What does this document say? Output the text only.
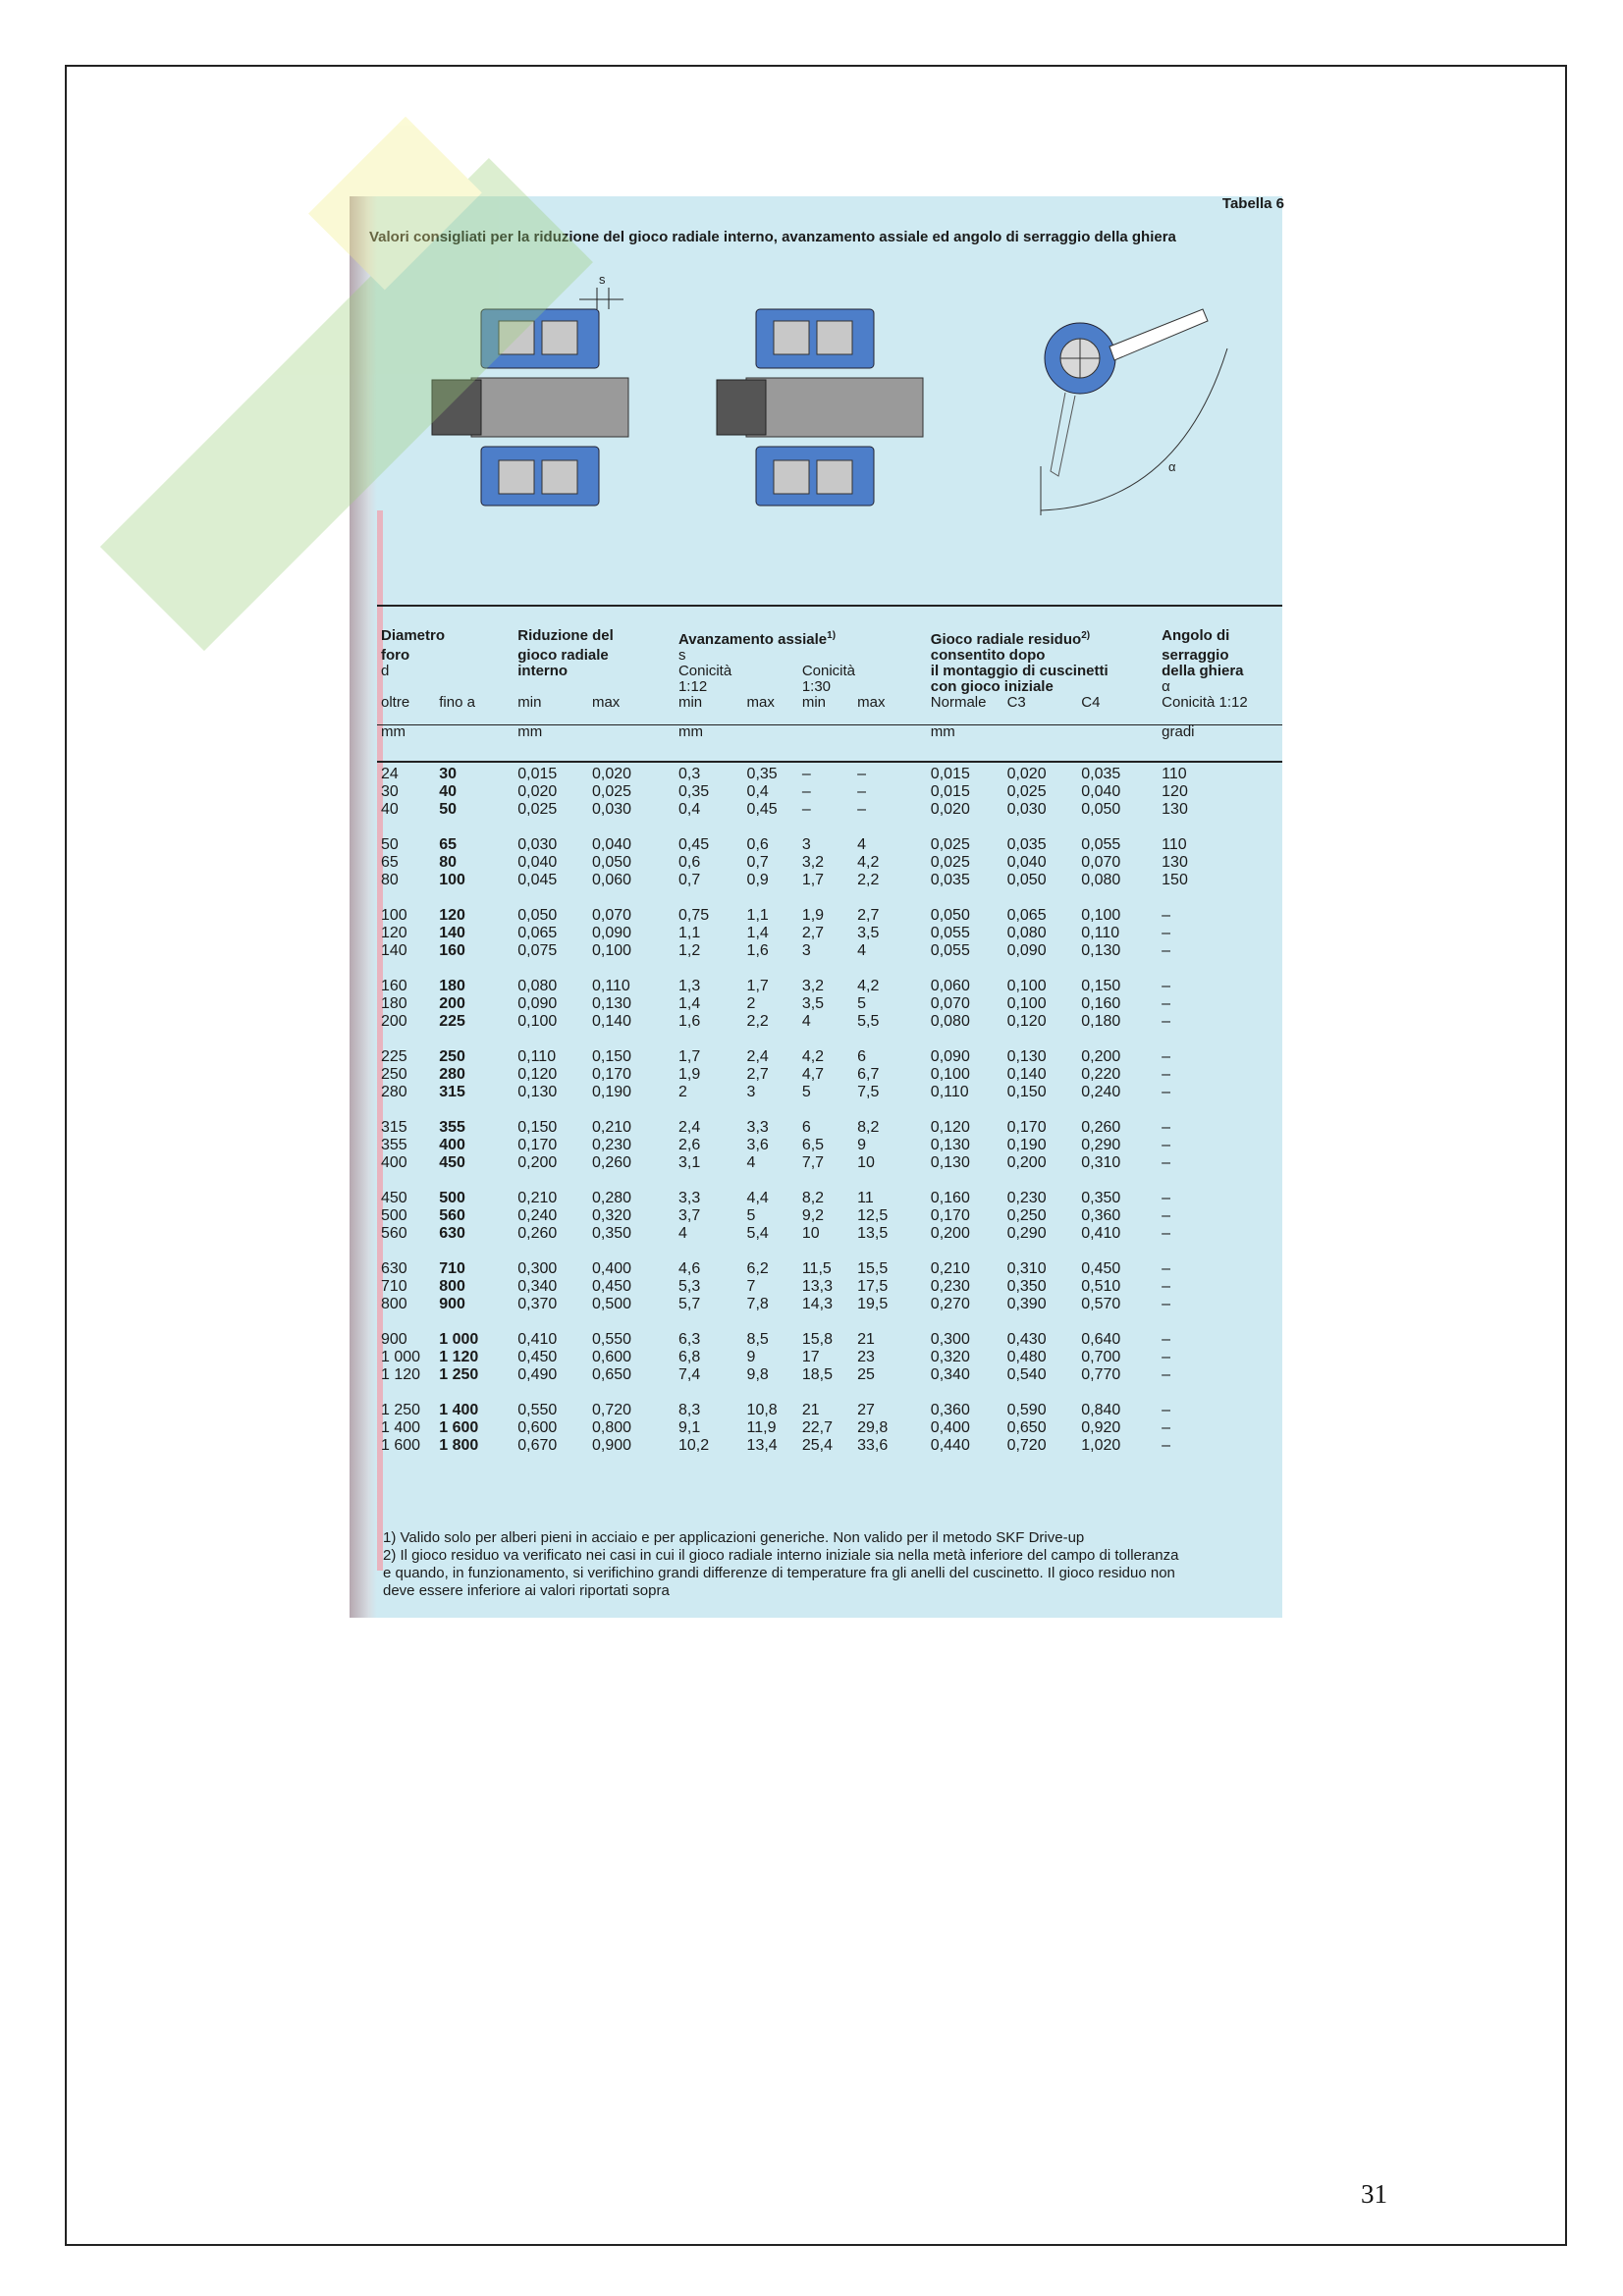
Tabella 6
Valori consigliati per la riduzione del gioco radiale interno, avanzamento assiale ed angolo di serraggio della ghiera
s
α
Diametro		Riduzione del		Avanzamento assiale$^{1)}$				Gioco radiale residuo$^{2)}$			Angolo di
foro		gioco radiale		s				consentito dopo			serraggio
d		interno		Conicità		Conicità		il montaggio di cuscinetti			della ghiera
				1:12		1:30		con gioco iniziale			α
oltre	fino a	min	max	min	max	min	max	Normale	C3	C4	Conicità 1:12
mm		mm		mm				mm			gradi

24	30	0,015	0,020	0,3	0,35	–	–	0,015	0,020	0,035	110
30	40	0,020	0,025	0,35	0,4	–	–	0,015	0,025	0,040	120
40	50	0,025	0,030	0,4	0,45	–	–	0,020	0,030	0,050	130

50	65	0,030	0,040	0,45	0,6	3	4	0,025	0,035	0,055	110
65	80	0,040	0,050	0,6	0,7	3,2	4,2	0,025	0,040	0,070	130
80	100	0,045	0,060	0,7	0,9	1,7	2,2	0,035	0,050	0,080	150

100	120	0,050	0,070	0,75	1,1	1,9	2,7	0,050	0,065	0,100	–
120	140	0,065	0,090	1,1	1,4	2,7	3,5	0,055	0,080	0,110	–
140	160	0,075	0,100	1,2	1,6	3	4	0,055	0,090	0,130	–

160	180	0,080	0,110	1,3	1,7	3,2	4,2	0,060	0,100	0,150	–
180	200	0,090	0,130	1,4	2	3,5	5	0,070	0,100	0,160	–
200	225	0,100	0,140	1,6	2,2	4	5,5	0,080	0,120	0,180	–

225	250	0,110	0,150	1,7	2,4	4,2	6	0,090	0,130	0,200	–
250	280	0,120	0,170	1,9	2,7	4,7	6,7	0,100	0,140	0,220	–
280	315	0,130	0,190	2	3	5	7,5	0,110	0,150	0,240	–

315	355	0,150	0,210	2,4	3,3	6	8,2	0,120	0,170	0,260	–
355	400	0,170	0,230	2,6	3,6	6,5	9	0,130	0,190	0,290	–
400	450	0,200	0,260	3,1	4	7,7	10	0,130	0,200	0,310	–

450	500	0,210	0,280	3,3	4,4	8,2	11	0,160	0,230	0,350	–
500	560	0,240	0,320	3,7	5	9,2	12,5	0,170	0,250	0,360	–
560	630	0,260	0,350	4	5,4	10	13,5	0,200	0,290	0,410	–

630	710	0,300	0,400	4,6	6,2	11,5	15,5	0,210	0,310	0,450	–
710	800	0,340	0,450	5,3	7	13,3	17,5	0,230	0,350	0,510	–
800	900	0,370	0,500	5,7	7,8	14,3	19,5	0,270	0,390	0,570	–

900	1 000	0,410	0,550	6,3	8,5	15,8	21	0,300	0,430	0,640	–
1 000	1 120	0,450	0,600	6,8	9	17	23	0,320	0,480	0,700	–
1 120	1 250	0,490	0,650	7,4	9,8	18,5	25	0,340	0,540	0,770	–

1 250	1 400	0,550	0,720	8,3	10,8	21	27	0,360	0,590	0,840	–
1 400	1 600	0,600	0,800	9,1	11,9	22,7	29,8	0,400	0,650	0,920	–
1 600	1 800	0,670	0,900	10,2	13,4	25,4	33,6	0,440	0,720	1,020	–
1) Valido solo per alberi pieni in acciaio e per applicazioni generiche. Non valido per il metodo SKF Drive-up
2) Il gioco residuo va verificato nei casi in cui il gioco radiale interno iniziale sia nella metà inferiore del campo di tolleranza
e quando, in funzionamento, si verifichino grandi differenze di temperature fra gli anelli del cuscinetto. Il gioco residuo non
deve essere inferiore ai valori riportati sopra
31
